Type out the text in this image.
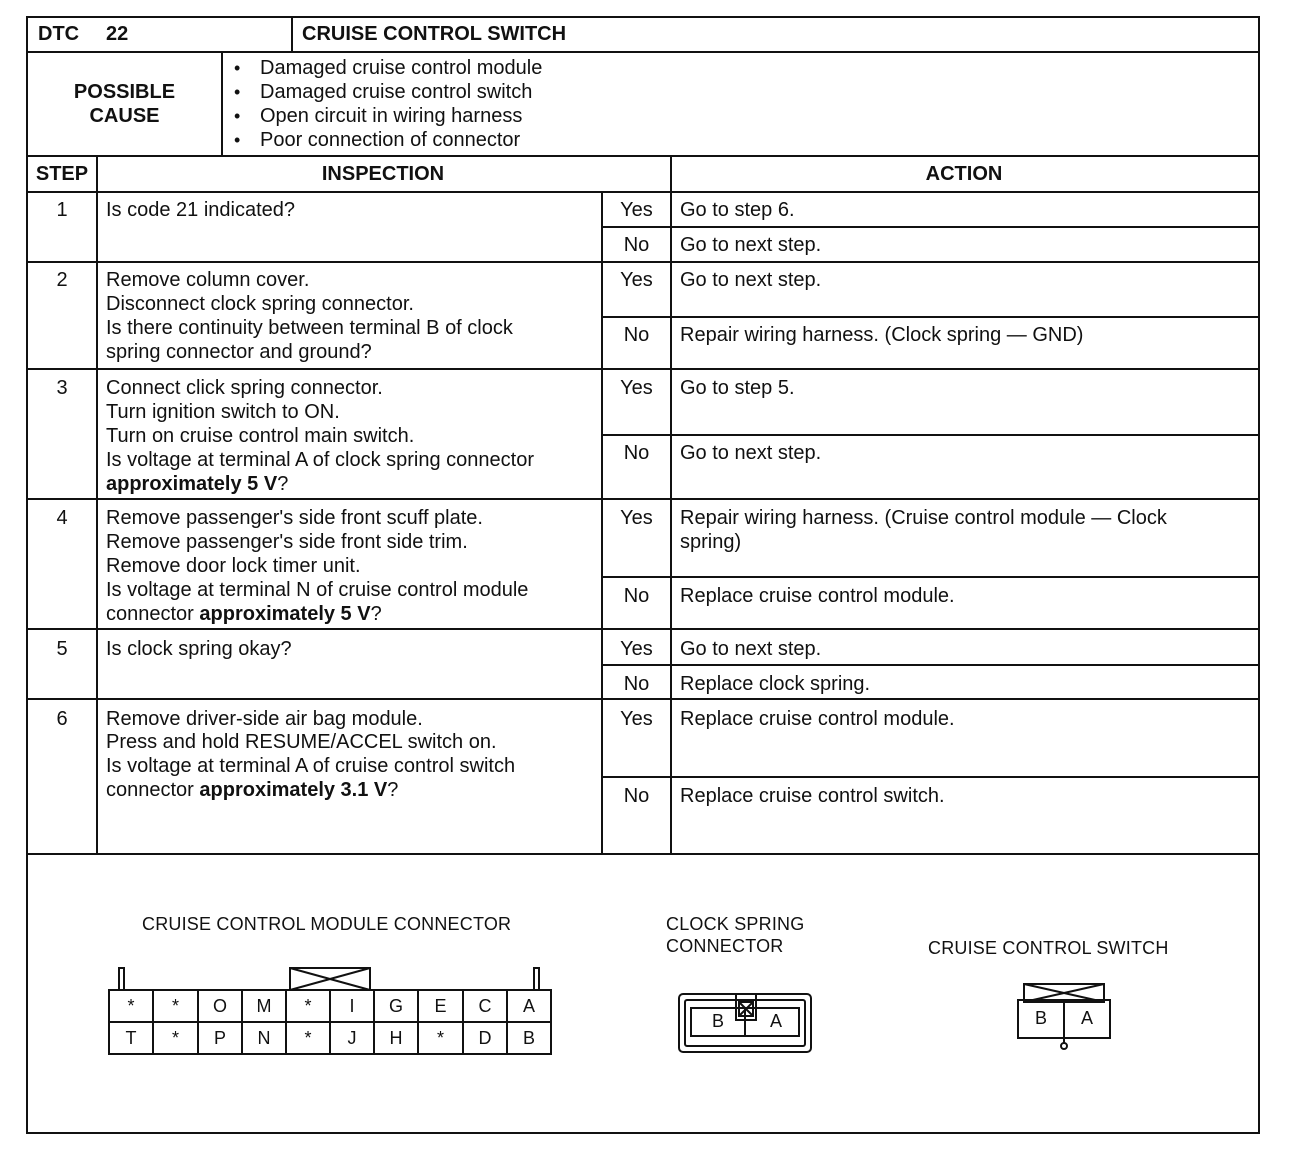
DTC 22	CRUISE CONTROL SWITCH
POSSIBLE
CAUSE
• Damaged cruise control module
• Damaged cruise control switch
• Open circuit in wiring harness
• Poor connection of connector
STEP	INSPECTION	ACTION
1	Is code 21 indicated?	Yes	Go to step 6.
No	Go to next step.
2	Remove column cover.
Disconnect clock spring connector.
Is there continuity between terminal B of clock
spring connector and ground?
Yes	Go to next step.
No	Repair wiring harness. (Clock spring — GND)
3	Connect click spring connector.
Turn ignition switch to ON.
Turn on cruise control main switch.
Is voltage at terminal A of clock spring connector
approximately 5 V?
Yes	Go to step 5.
No	Go to next step.
4	Remove passenger's side front scuff plate.
Remove passenger's side front side trim.
Remove door lock timer unit.
Is voltage at terminal N of cruise control module
connector approximately 5 V?
Yes	Repair wiring harness. (Cruise control module — Clock
spring)
No	Replace cruise control module.
5	Is clock spring okay?	Yes	Go to next step.
No	Replace clock spring.
6	Remove driver-side air bag module.
Press and hold RESUME/ACCEL switch on.
Is voltage at terminal A of cruise control switch
connector approximately 3.1 V?
Yes	Replace cruise control module.
No	Replace cruise control switch.
CRUISE CONTROL MODULE CONNECTOR	CLOCK SPRING
CONNECTOR	CRUISE CONTROL SWITCH
*	*	O	M	*	I	G	E	C	A
T	*	P	N	*	J	H	*	D	B
B	A	B	A
